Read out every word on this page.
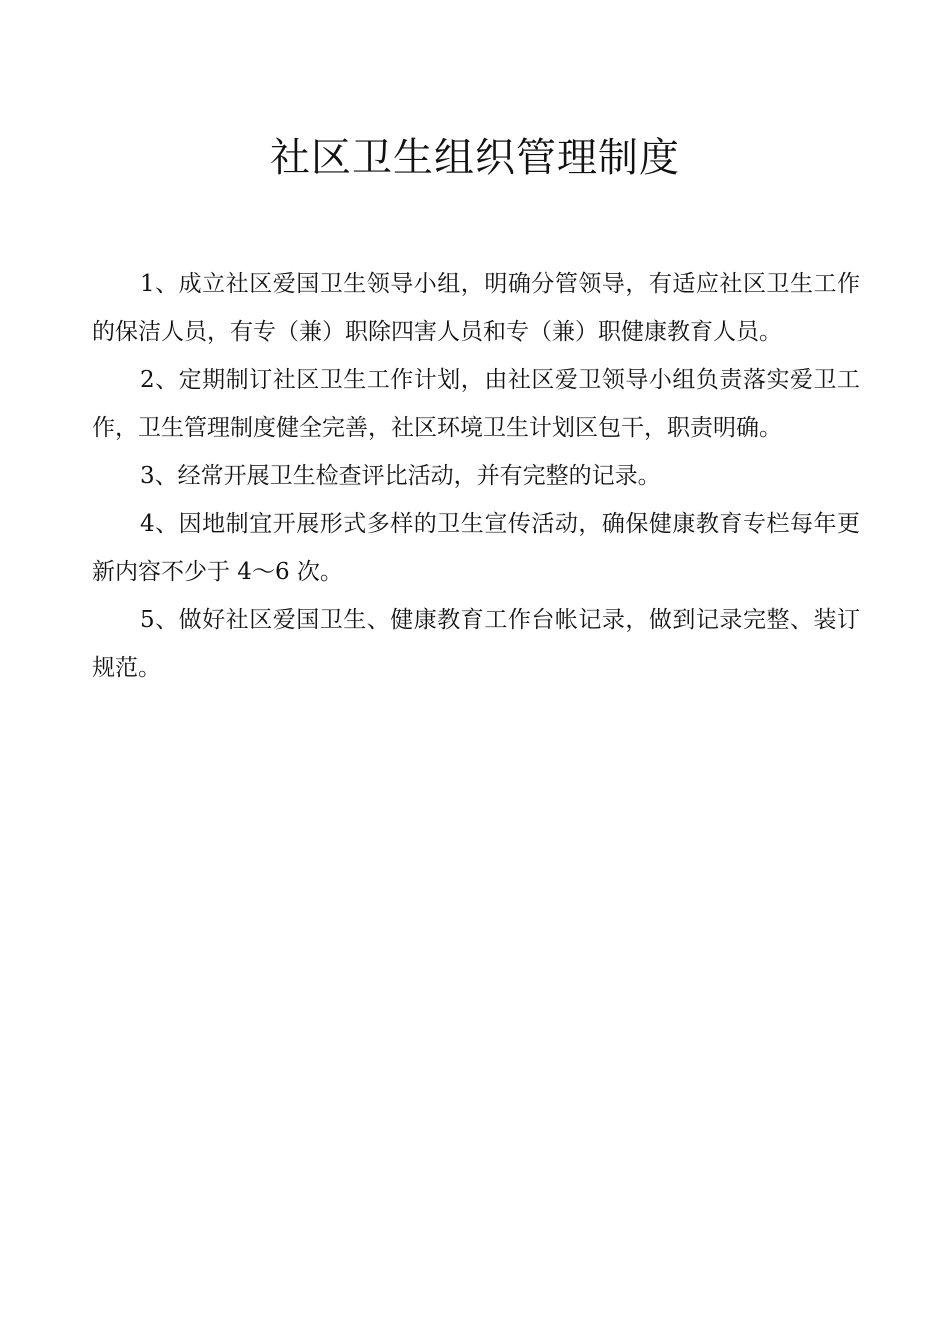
社区卫生组织管理制度

1、成立社区爱国卫生领导小组，明确分管领导，有适应社区卫生工作的保洁人员，有专（兼）职除四害人员和专（兼）职健康教育人员。

2、定期制订社区卫生工作计划，由社区爱卫领导小组负责落实爱卫工作，卫生管理制度健全完善，社区环境卫生计划区包干，职责明确。

3、经常开展卫生检查评比活动，并有完整的记录。

4、因地制宜开展形式多样的卫生宣传活动，确保健康教育专栏每年更新内容不少于 4～6 次。

5、做好社区爱国卫生、健康教育工作台帐记录，做到记录完整、装订规范。
